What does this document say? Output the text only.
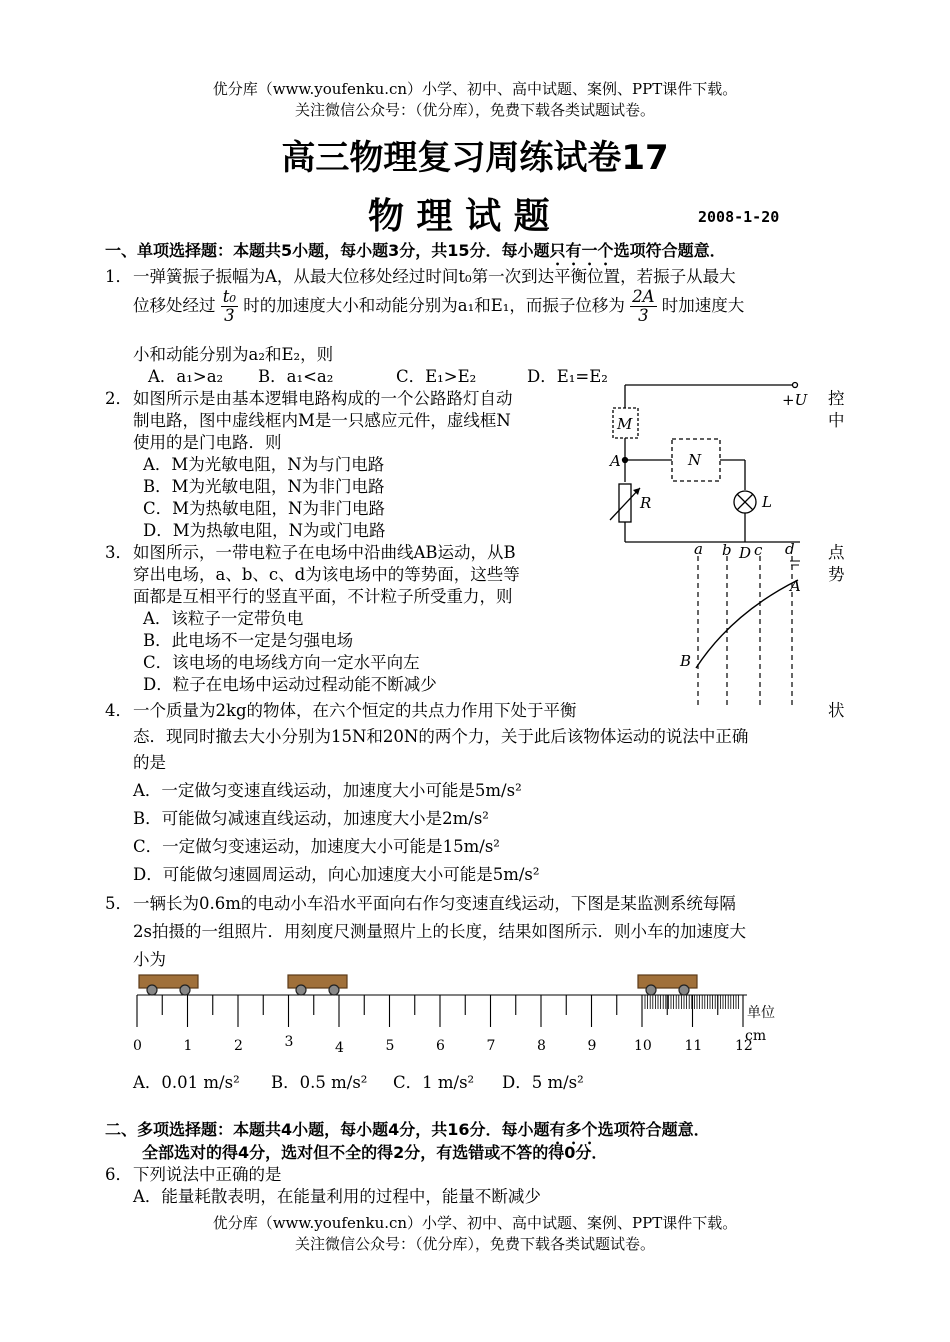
优分库（www.youfenku.cn）小学、初中、高中试题、案例、PPT课件下载。
关注微信公众号：（优分库），免费下载各类试题试卷。
高三物理复习周练试卷17
物 理 试 题	2008-1-20
一、单项选择题：本题共5小题，每小题3分，共15分．每小题只有一个选项符合题意．
1． 一弹簧振子振幅为A，从最大位移处经过时间t₀第一次到达平衡位置，若振子从最大
位移处经过 $\frac{\text{t₀}}{3}$ 时的加速度大小和动能分别为a₁和E₁，而振子位移为 $\frac{2A}{3}$ 时加速度大
小和动能分别为a₂和E₂，则
A．a₁>a₂ B．a₁<a₂	C．E₁>E₂	D．E₁=E₂
2． 如图所示是由基本逻辑电路构成的一个公路路灯自动
制电路，图中虚线框内M是一只感应元件，虚线框N
使用的是门电路．则
控
中
A．M为光敏电阻，N为与门电路
B．M为光敏电阻，N为非门电路
C．M为热敏电阻，N为非门电路
D．M为热敏电阻，N为或门电路
3． 如图所示，一带电粒子在电场中沿曲线AB运动，从B
穿出电场，a、b、c、d为该电场中的等势面，这些等
面都是互相平行的竖直平面，不计粒子所受重力，则
点
势
A．该粒子一定带负电
B．此电场不一定是匀强电场
C．该电场的电场线方向一定水平向左
D．粒子在电场中运动过程动能不断减少
4． 一个质量为2kg的物体，在六个恒定的共点力作用下处于平衡	状
态．现同时撤去大小分别为15N和20N的两个力，关于此后该物体运动的说法中正确
的是
A．一定做匀变速直线运动，加速度大小可能是5m/s²
B．可能做匀减速直线运动，加速度大小是2m/s²
C．一定做匀变速运动，加速度大小可能是15m/s²
D．可能做匀速圆周运动，向心加速度大小可能是5m/s²
5． 一辆长为0.6m的电动小车沿水平面向右作匀变速直线运动，下图是某监测系统每隔
2s拍摄的一组照片．用刻度尺测量照片上的长度，结果如图所示．则小车的加速度大
小为
A．0.01 m/s² B．0.5 m/s² C．1 m/s² D．5 m/s²
二、多项选择题：本题共4小题，每小题4分，共16分．每小题有多个选项符合题意．
全部选对的得4分，选对但不全的得2分，有选错或不答的得0分．
6． 下列说法中正确的是
A．能量耗散表明，在能量利用的过程中，能量不断减少
优分库（www.youfenku.cn）小学、初中、高中试题、案例、PPT课件下载。
关注微信公众号：（优分库），免费下载各类试题试卷。
+U
M
A	N
R	L
a b D c d
A
B
0	1	2	3	4	5	6	7	8	9	10 11 12
单位
cm
